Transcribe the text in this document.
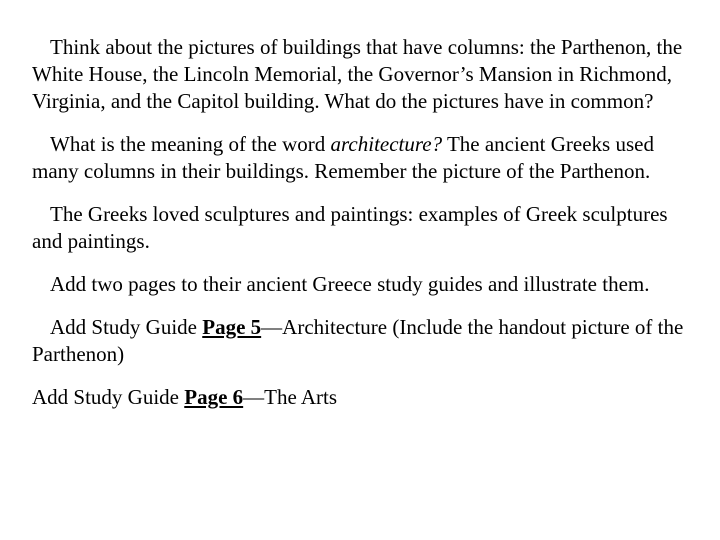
Think about the pictures of buildings that have columns: the Parthenon, the White House, the Lincoln Memorial, the Governor’s Mansion in Richmond, Virginia, and the Capitol building. What do the pictures have in common?

What is the meaning of the word architecture? The ancient Greeks used many columns in their buildings. Remember the picture of the Parthenon.

The Greeks loved sculptures and paintings: examples of Greek sculptures and paintings.

Add two pages to their ancient Greece study guides and illustrate them.

Add Study Guide Page 5—Architecture (Include the handout picture of the Parthenon)

Add Study Guide Page 6—The Arts
